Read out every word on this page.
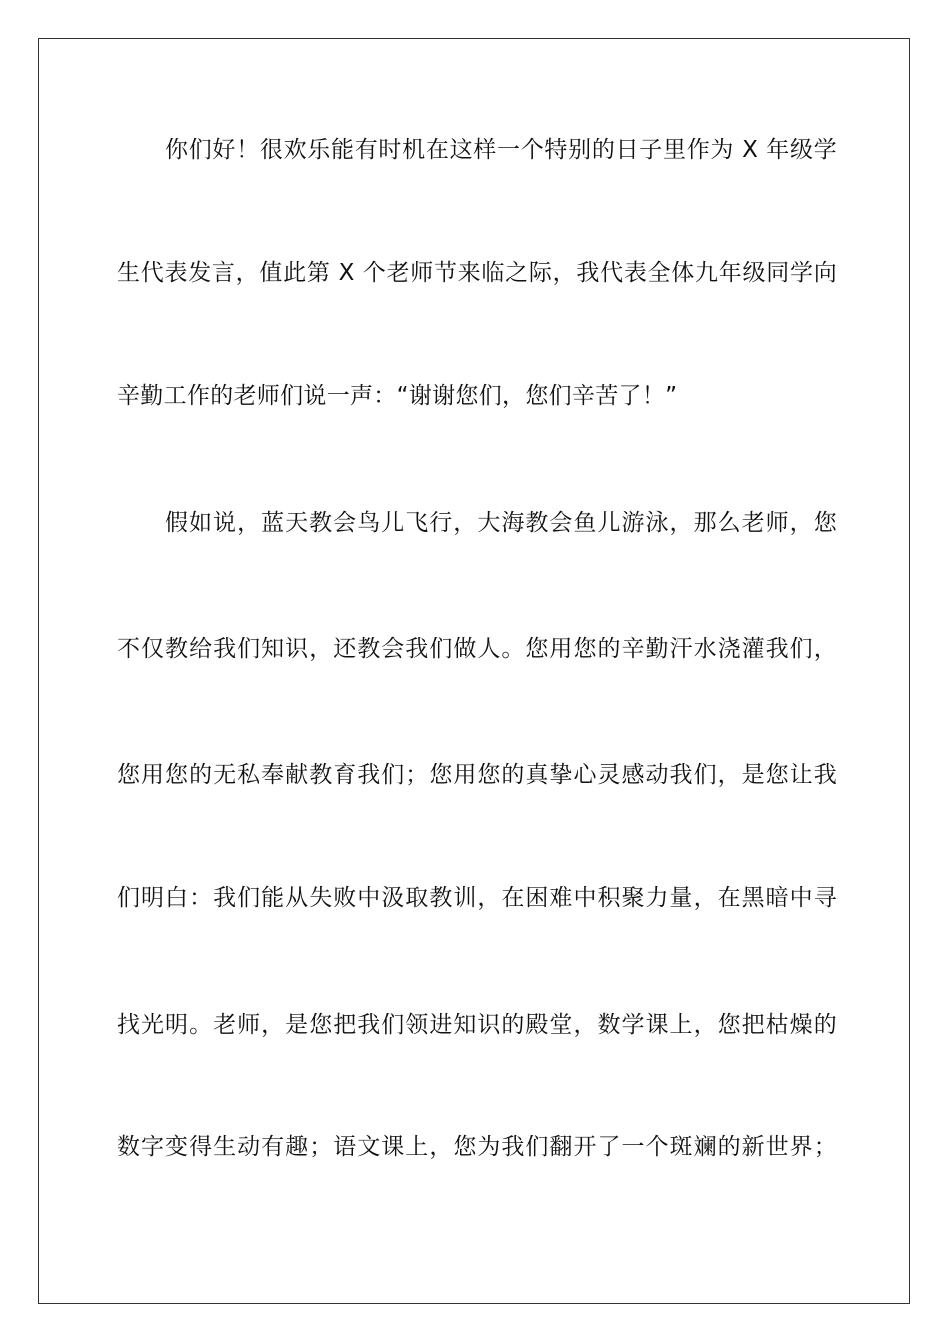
你们好！很欢乐能有时机在这样一个特别的日子里作为 X 年级学
生代表发言，值此第 X 个老师节来临之际，我代表全体九年级同学向
辛勤工作的老师们说一声：“谢谢您们，您们辛苦了！”
假如说，蓝天教会鸟儿飞行，大海教会鱼儿游泳，那么老师，您
不仅教给我们知识，还教会我们做人。您用您的辛勤汗水浇灌我们，
您用您的无私奉献教育我们；您用您的真挚心灵感动我们，是您让我
们明白：我们能从失败中汲取教训，在困难中积聚力量，在黑暗中寻
找光明。老师，是您把我们领进知识的殿堂，数学课上，您把枯燥的
数字变得生动有趣；语文课上，您为我们翻开了一个斑斓的新世界；
